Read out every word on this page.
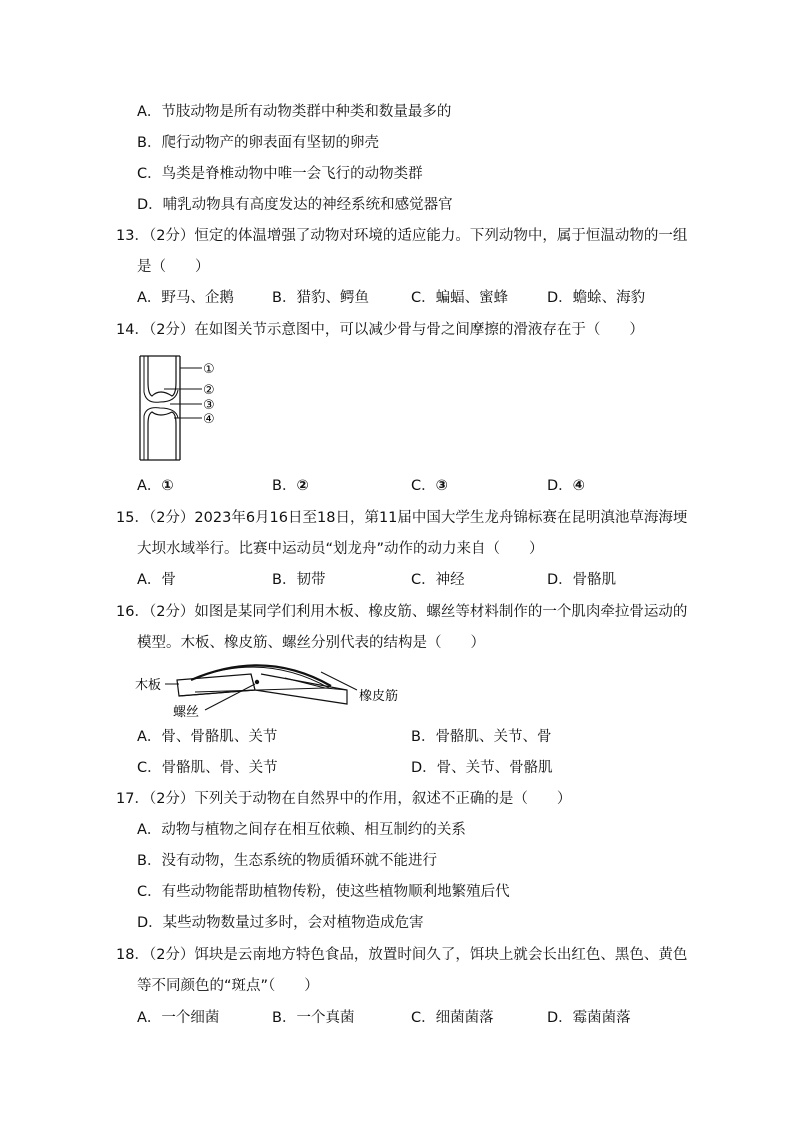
A．节肢动物是所有动物类群中种类和数量最多的
B．爬行动物产的卵表面有坚韧的卵壳
C．鸟类是脊椎动物中唯一会飞行的动物类群
D．哺乳动物具有高度发达的神经系统和感觉器官
13．（2分）恒定的体温增强了动物对环境的适应能力。下列动物中，属于恒温动物的一组
是（　　）
A．野马、企鹅	B．猎豹、鳄鱼	C．蝙蝠、蜜蜂	D．蟾蜍、海豹
14．（2分）在如图关节示意图中，可以减少骨与骨之间摩擦的滑液存在于（　　）
①
②
③
④
A．①	B．②	C．③	D．④
15．（2分）2023年6月16日至18日，第11届中国大学生龙舟锦标赛在昆明滇池草海海埂
大坝水域举行。比赛中运动员“划龙舟”动作的动力来自（　　）
A．骨	B．韧带	C．神经	D．骨骼肌
16．（2分）如图是某同学们利用木板、橡皮筋、螺丝等材料制作的一个肌肉牵拉骨运动的
模型。木板、橡皮筋、螺丝分别代表的结构是（　　）
木板
螺丝
橡皮筋
A．骨、骨骼肌、关节	B．骨骼肌、关节、骨
C．骨骼肌、骨、关节	D．骨、关节、骨骼肌
17．（2分）下列关于动物在自然界中的作用，叙述不正确的是（　　）
A．动物与植物之间存在相互依赖、相互制约的关系
B．没有动物，生态系统的物质循环就不能进行
C．有些动物能帮助植物传粉，使这些植物顺利地繁殖后代
D．某些动物数量过多时，会对植物造成危害
18．（2分）饵块是云南地方特色食品，放置时间久了，饵块上就会长出红色、黑色、黄色
等不同颜色的“斑点”（　　）
A．一个细菌	B．一个真菌	C．细菌菌落	D．霉菌菌落
